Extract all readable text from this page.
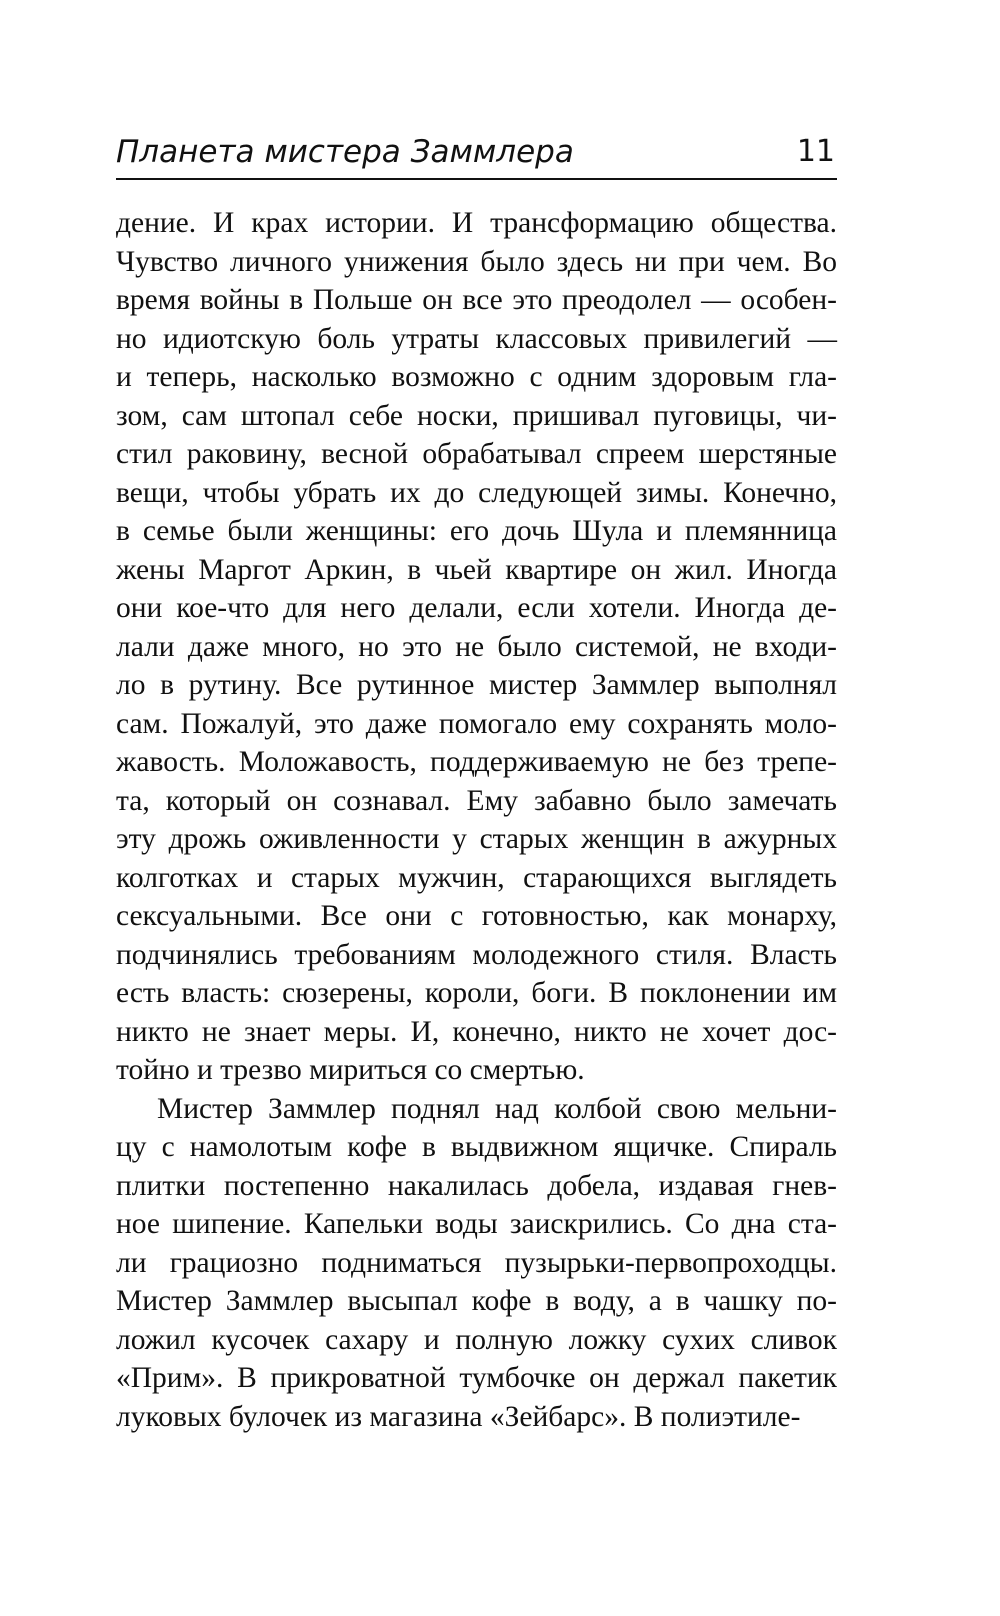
Планета мистера Заммлера	11
дение. И крах истории. И трансформацию общества.
Чувство личного унижения было здесь ни при чем. Во
время войны в Польше он все это преодолел — особен-
но идиотскую боль утраты классовых привилегий —
и теперь, насколько возможно с одним здоровым гла-
зом, сам штопал себе носки, пришивал пуговицы, чи-
стил раковину, весной обрабатывал спреем шерстяные
вещи, чтобы убрать их до следующей зимы. Конечно,
в семье были женщины: его дочь Шула и племянница
жены Маргот Аркин, в чьей квартире он жил. Иногда
они кое-что для него делали, если хотели. Иногда де-
лали даже много, но это не было системой, не входи-
ло в рутину. Все рутинное мистер Заммлер выполнял
сам. Пожалуй, это даже помогало ему сохранять моло-
жавость. Моложавость, поддерживаемую не без трепе-
та, который он сознавал. Ему забавно было замечать
эту дрожь оживленности у старых женщин в ажурных
колготках и старых мужчин, старающихся выглядеть
сексуальными. Все они с готовностью, как монарху,
подчинялись требованиям молодежного стиля. Власть
есть власть: сюзерены, короли, боги. В поклонении им
никто не знает меры. И, конечно, никто не хочет дос-
тойно и трезво мириться со смертью.
Мистер Заммлер поднял над колбой свою мельни-
цу с намолотым кофе в выдвижном ящичке. Спираль
плитки постепенно накалилась добела, издавая гнев-
ное шипение. Капельки воды заискрились. Со дна ста-
ли грациозно подниматься пузырьки-первопроходцы.
Мистер Заммлер высыпал кофе в воду, а в чашку по-
ложил кусочек сахару и полную ложку сухих сливок
«Прим». В прикроватной тумбочке он держал пакетик
луковых булочек из магазина «Зейбарс». В полиэтиле-
